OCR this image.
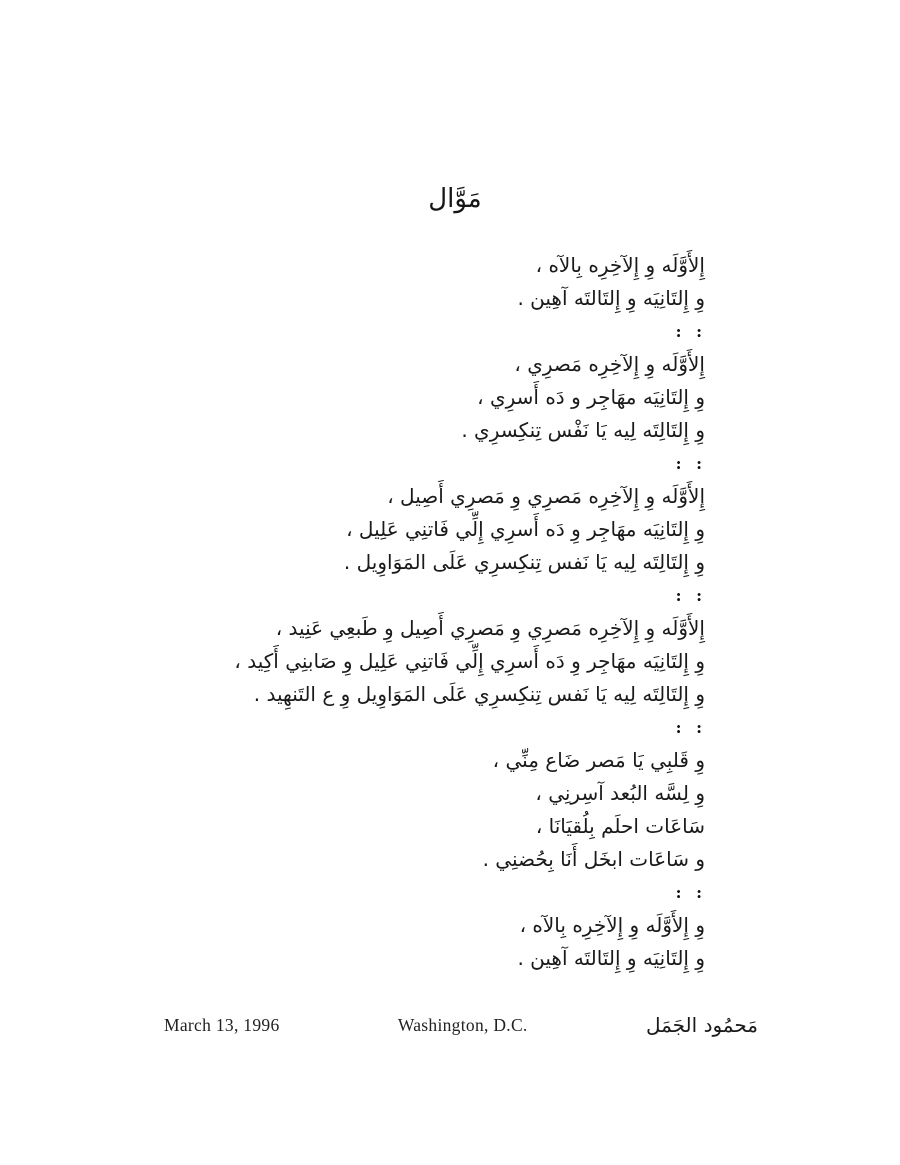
مَوَّال
إِلأَوَّلَه وِ إِلآخِرِه بِالآه ،
وِ إِلتَانِيَه وِ إِلتَالتَه آهِين .
: :
إِلأَوَّلَه وِ إِلآخِرِه مَصرِي ،
وِ إِلتَانِيَه مهَاجِر و دَه أَسرِي ،
وِ إِلتَالِتَه لِيه يَا نَفْس تِنكِسرِي .
: :
إِلأَوَّلَه وِ إِلآخِرِه مَصرِي وِ مَصرِي أَصِيل ،
وِ إِلتَانِيَه مهَاجِر وِ دَه أَسرِي إِلِّي فَاتنِي عَلِيل ،
وِ إِلتَالِتَه لِيه يَا نَفس تِنكِسرِي عَلَى المَوَاوِيل .
: :
إِلأَوَّلَه وِ إِلآخِرِه مَصرِي وِ مَصرِي أَصِيل وِ طَبعِي عَنِيد ،
وِ إِلتَانِيَه مهَاجِر وِ دَه أَسرِي إِلِّي فَاتنِي عَلِيل وِ صَابنِي أَكِيد ،
وِ إِلتَالِتَه لِيه يَا نَفس تِنكِسرِي عَلَى المَوَاوِيل وِ ع التَنهِيد .
: :
وِ قَلبِي يَا مَصر ضَاع مِنِّي ،
وِ لِسَّه البُعد آسِرنِي ،
سَاعَات احلَم بِلُقيَانَا ،
و سَاعَات ابخَل أَنَا بِحُضنِي .
: :
وِ إِلأَوَّلَه وِ إِلآخِرِه بِالآه ،
وِ إِلتَانِيَه وِ إِلتَالتَه آهِين .
March 13, 1996	Washington, D.C.	مَحمُود الجَمَل
